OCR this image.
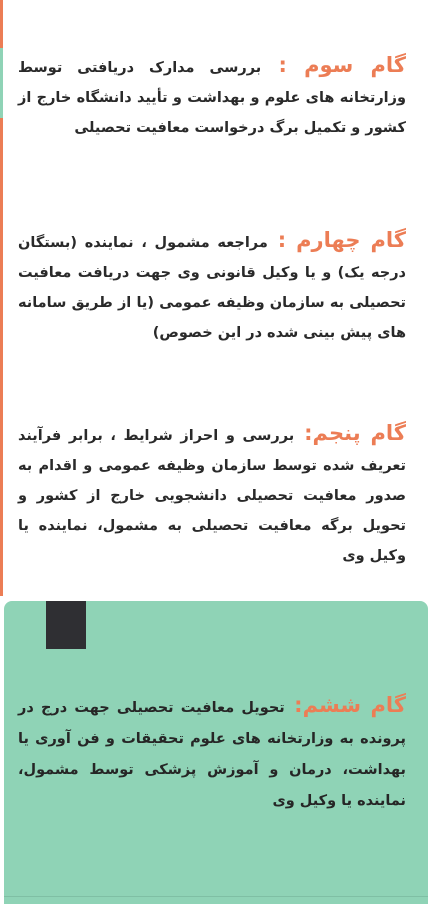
گام سوم : بررسی مدارک دریافتی توسط وزارتخانه های علوم و بهداشت و تأیید دانشگاه خارج از کشور و تکمیل برگ درخواست معافیت تحصیلی
گام چهارم : مراجعه مشمول ، نماینده (بستگان درجه یک) و یا وکیل قانونی وی جهت دریافت معافیت تحصیلی به سازمان وظیفه عمومی (یا از طریق سامانه های پیش بینی شده در این خصوص)
گام پنجم: بررسی و احراز شرایط ، برابر فرآیند تعریف شده توسط سازمان وظیفه عمومی و اقدام به صدور معافیت تحصیلی دانشجویی خارج از کشور و تحویل برگه معافیت تحصیلی به مشمول، نماینده یا وکیل وی
گام ششم: تحویل معافیت تحصیلی جهت درج در پرونده به وزارتخانه های علوم تحقیقات و فن آوری یا بهداشت، درمان و آموزش پزشکی توسط مشمول، نماینده یا وکیل وی
